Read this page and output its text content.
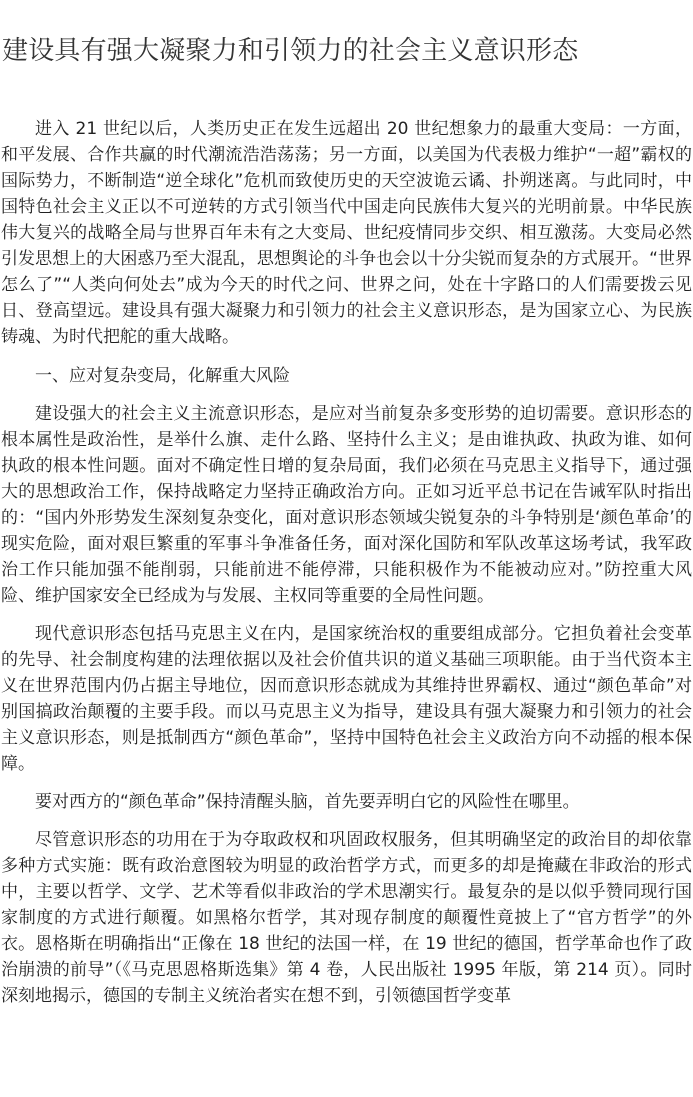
建设具有强大凝聚力和引领力的社会主义意识形态

进入 21 世纪以后，人类历史正在发生远超出 20 世纪想象力的最重大变局：一方面，和平发展、合作共赢的时代潮流浩浩荡荡；另一方面，以美国为代表极力维护“一超”霸权的国际势力，不断制造“逆全球化”危机而致使历史的天空波诡云谲、扑朔迷离。与此同时，中国特色社会主义正以不可逆转的方式引领当代中国走向民族伟大复兴的光明前景。中华民族伟大复兴的战略全局与世界百年未有之大变局、世纪疫情同步交织、相互激荡。大变局必然引发思想上的大困惑乃至大混乱，思想舆论的斗争也会以十分尖锐而复杂的方式展开。“世界怎么了”“人类向何处去”成为今天的时代之问、世界之问，处在十字路口的人们需要拨云见日、登高望远。建设具有强大凝聚力和引领力的社会主义意识形态，是为国家立心、为民族铸魂、为时代把舵的重大战略。

一、应对复杂变局，化解重大风险

建设强大的社会主义主流意识形态，是应对当前复杂多变形势的迫切需要。意识形态的根本属性是政治性，是举什么旗、走什么路、坚持什么主义；是由谁执政、执政为谁、如何执政的根本性问题。面对不确定性日增的复杂局面，我们必须在马克思主义指导下，通过强大的思想政治工作，保持战略定力坚持正确政治方向。正如习近平总书记在告诫军队时指出的：“国内外形势发生深刻复杂变化，面对意识形态领域尖锐复杂的斗争特别是‘颜色革命’的现实危险，面对艰巨繁重的军事斗争准备任务，面对深化国防和军队改革这场考试，我军政治工作只能加强不能削弱，只能前进不能停滞，只能积极作为不能被动应对。”防控重大风险、维护国家安全已经成为与发展、主权同等重要的全局性问题。

现代意识形态包括马克思主义在内，是国家统治权的重要组成部分。它担负着社会变革的先导、社会制度构建的法理依据以及社会价值共识的道义基础三项职能。由于当代资本主义在世界范围内仍占据主导地位，因而意识形态就成为其维持世界霸权、通过“颜色革命”对别国搞政治颠覆的主要手段。而以马克思主义为指导，建设具有强大凝聚力和引领力的社会主义意识形态，则是抵制西方“颜色革命”，坚持中国特色社会主义政治方向不动摇的根本保障。

要对西方的“颜色革命”保持清醒头脑，首先要弄明白它的风险性在哪里。

尽管意识形态的功用在于为夺取政权和巩固政权服务，但其明确坚定的政治目的却依靠多种方式实施：既有政治意图较为明显的政治哲学方式，而更多的却是掩藏在非政治的形式中，主要以哲学、文学、艺术等看似非政治的学术思潮实行。最复杂的是以似乎赞同现行国家制度的方式进行颠覆。如黑格尔哲学，其对现存制度的颠覆性竟披上了“官方哲学”的外衣。恩格斯在明确指出“正像在 18 世纪的法国一样，在 19 世纪的德国，哲学革命也作了政治崩溃的前导”（《马克思恩格斯选集》第 4 卷，人民出版社 1995 年版，第 214 页）。同时深刻地揭示，德国的专制主义统治者实在想不到，引领德国哲学变革
